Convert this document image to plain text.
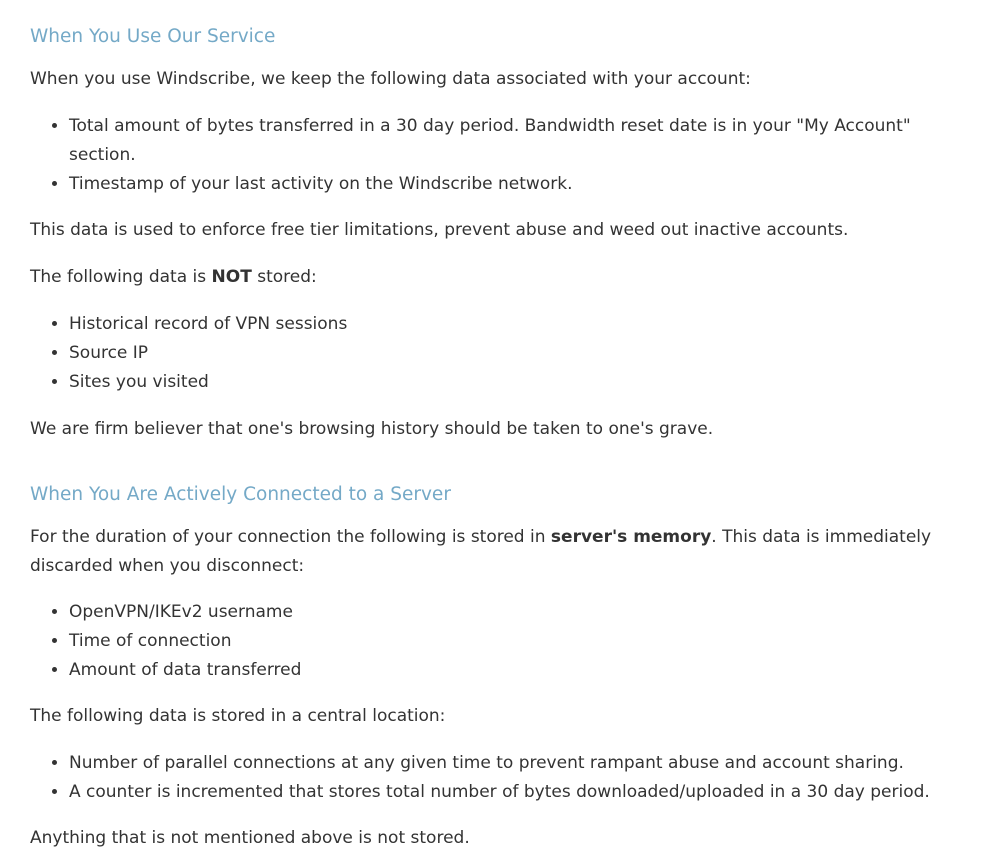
When You Use Our Service

When you use Windscribe, we keep the following data associated with your account:

• Total amount of bytes transferred in a 30 day period. Bandwidth reset date is in your "My Account" section.
• Timestamp of your last activity on the Windscribe network.

This data is used to enforce free tier limitations, prevent abuse and weed out inactive accounts.

The following data is NOT stored:

• Historical record of VPN sessions
• Source IP
• Sites you visited

We are firm believer that one's browsing history should be taken to one's grave.

When You Are Actively Connected to a Server

For the duration of your connection the following is stored in server's memory. This data is immediately discarded when you disconnect:

• OpenVPN/IKEv2 username
• Time of connection
• Amount of data transferred

The following data is stored in a central location:

• Number of parallel connections at any given time to prevent rampant abuse and account sharing.
• A counter is incremented that stores total number of bytes downloaded/uploaded in a 30 day period.

Anything that is not mentioned above is not stored.
